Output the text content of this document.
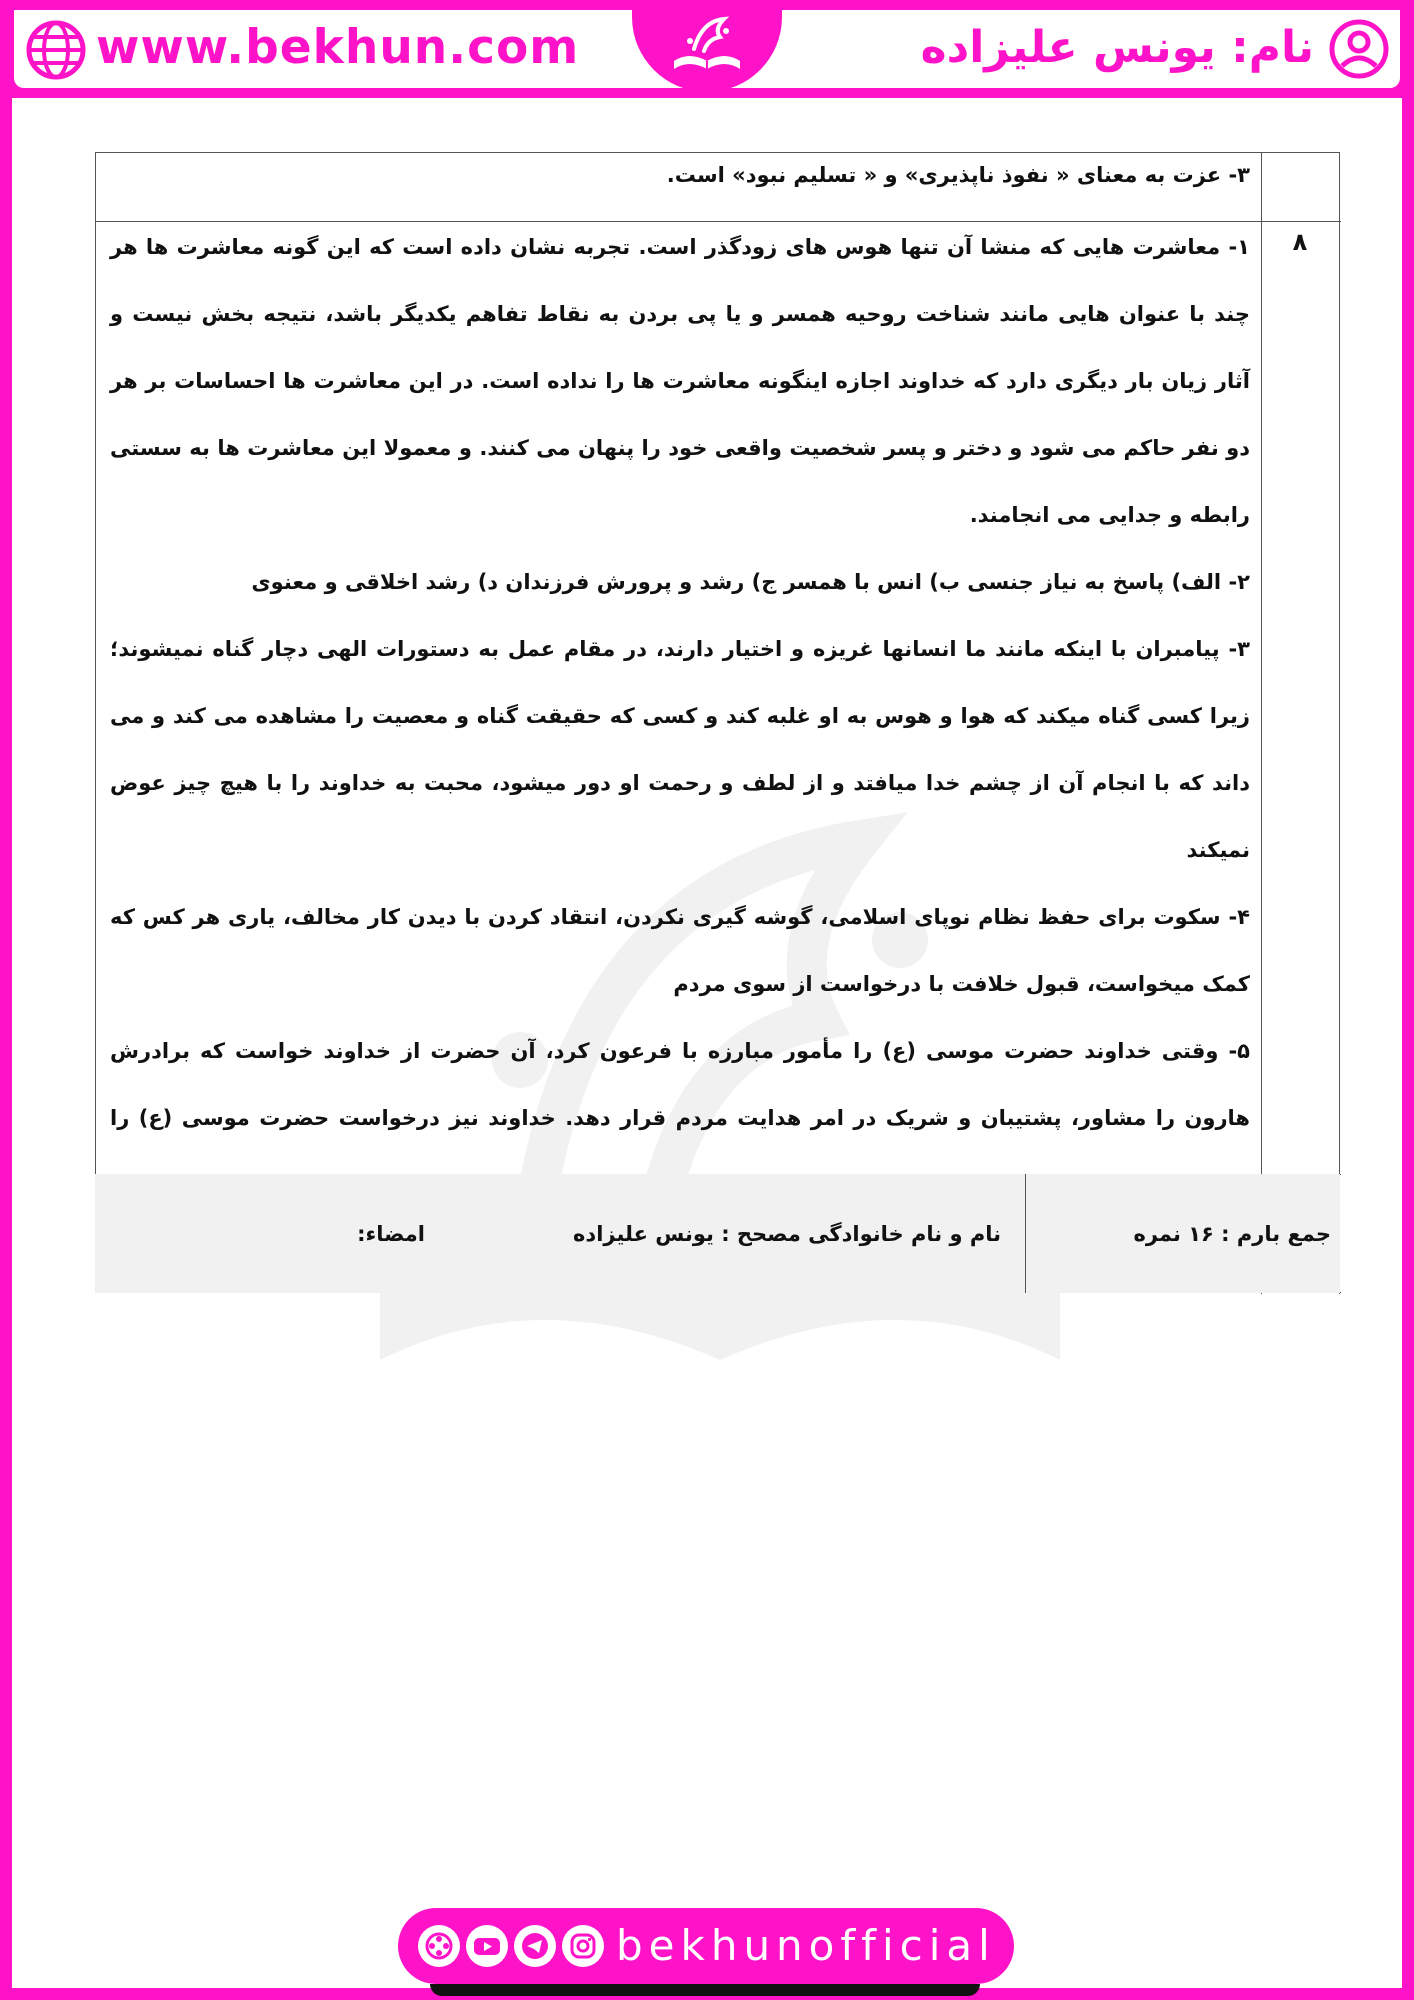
www.bekhun.com	نام: یونس علیزاده

۳- عزت به معنای « نفوذ ناپذیری» و « تسلیم نبود» است.

۸

۱- معاشرت هایی که منشا آن تنها هوس های زودگذر است. تجربه نشان داده است که این گونه معاشرت ها هر چند با عنوان هایی مانند شناخت روحیه همسر و یا پی بردن به نقاط تفاهم یکدیگر باشد، نتیجه بخش نیست و آثار زیان بار دیگری دارد که خداوند اجازه اینگونه معاشرت ها را نداده است. در این معاشرت ها احساسات بر هر دو نفر حاکم می شود و دختر و پسر شخصیت واقعی خود را پنهان می کنند. و معمولا این معاشرت ها به سستی رابطه و جدایی می انجامند.

۲- الف) پاسخ به نیاز جنسی ب) انس با همسر ج) رشد و پرورش فرزندان د) رشد اخلاقی و معنوی

۳- پیامبران با اینکه مانند ما انسانها غریزه و اختیار دارند، در مقام عمل به دستورات الهی دچار گناه نمیشوند؛ زیرا کسی گناه میکند که هوا و هوس به او غلبه کند و کسی که حقیقت گناه و معصیت را مشاهده می کند و می داند که با انجام آن از چشم خدا میافتد و از لطف و رحمت او دور میشود، محبت به خداوند را با هیچ چیز عوض نمیکند

۴- سکوت برای حفظ نظام نوپای اسلامی، گوشه گیری نکردن، انتقاد کردن با دیدن کار مخالف، یاری هر کس که کمک میخواست، قبول خلافت با درخواست از سوی مردم

۵- وقتی خداوند حضرت موسی (ع) را مأمور مبارزه با فرعون کرد، آن حضرت از خداوند خواست که برادرش هارون را مشاور، پشتیبان و شریک در امر هدایت مردم قرار دهد. خداوند نیز درخواست حضرت موسی (ع) را

جمع بارم : ۱۶ نمره
نام و نام خانوادگی مصحح : یونس علیزاده
امضاء:
bekhunofficial
